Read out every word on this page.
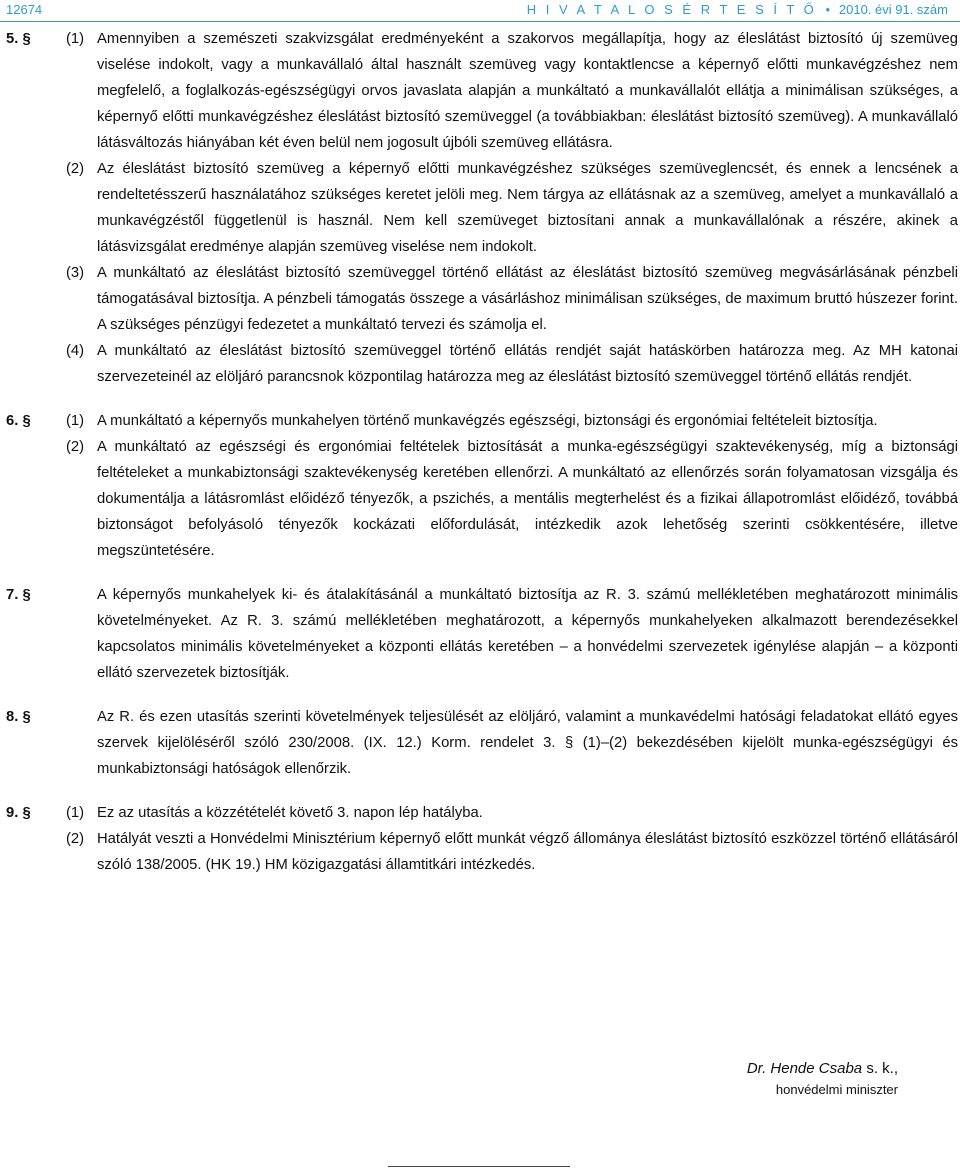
12674	H I V A T A L O S É R T E S Í T Ő ● 2010. évi 91. szám
5. §	(1) Amennyiben a szemészeti szakvizsgálat eredményeként a szakorvos megállapítja, hogy az éleslátást biztosító új szemüveg viselése indokolt, vagy a munkavállaló által használt szemüveg vagy kontaktlencse a képernyő előtti munkavégzéshez nem megfelelő, a foglalkozás-egészségügyi orvos javaslata alapján a munkáltató a munkavállalót ellátja a minimálisan szükséges, a képernyő előtti munkavégzéshez éleslátást biztosító szemüveggel (a továbbiakban: éleslátást biztosító szemüveg). A munkavállaló látásváltozás hiányában két éven belül nem jogosult újbóli szemüveg ellátásra.
(2) Az éleslátást biztosító szemüveg a képernyő előtti munkavégzéshez szükséges szemüveglencsét, és ennek a lencsének a rendeltetésszerű használatához szükséges keretet jelöli meg. Nem tárgya az ellátásnak az a szemüveg, amelyet a munkavállaló a munkavégzéstől függetlenül is használ. Nem kell szemüveget biztosítani annak a munkavállalónak a részére, akinek a látásvizsgálat eredménye alapján szemüveg viselése nem indokolt.
(3) A munkáltató az éleslátást biztosító szemüveggel történő ellátást az éleslátást biztosító szemüveg megvásárlásának pénzbeli támogatásával biztosítja. A pénzbeli támogatás összege a vásárláshoz minimálisan szükséges, de maximum bruttó húszezer forint. A szükséges pénzügyi fedezetet a munkáltató tervezi és számolja el.
(4) A munkáltató az éleslátást biztosító szemüveggel történő ellátás rendjét saját hatáskörben határozza meg. Az MH katonai szervezeteinél az elöljáró parancsnok központilag határozza meg az éleslátást biztosító szemüveggel történő ellátás rendjét.
6. §	(1) A munkáltató a képernyős munkahelyen történő munkavégzés egészségi, biztonsági és ergonómiai feltételeit biztosítja.
(2) A munkáltató az egészségi és ergonómiai feltételek biztosítását a munka-egészségügyi szaktevékenység, míg a biztonsági feltételeket a munkabiztonsági szaktevékenység keretében ellenőrzi. A munkáltató az ellenőrzés során folyamatosan vizsgálja és dokumentálja a látásromlást előidéző tényezők, a pszichés, a mentális megterhelést és a fizikai állapotromlást előidéző, továbbá biztonságot befolyásoló tényezők kockázati előfordulását, intézkedik azok lehetőség szerinti csökkentésére, illetve megszüntetésére.
7. §	A képernyős munkahelyek ki- és átalakításánál a munkáltató biztosítja az R. 3. számú mellékletében meghatározott minimális követelményeket. Az R. 3. számú mellékletében meghatározott, a képernyős munkahelyeken alkalmazott berendezésekkel kapcsolatos minimális követelményeket a központi ellátás keretében – a honvédelmi szervezetek igénylése alapján – a központi ellátó szervezetek biztosítják.
8. §	Az R. és ezen utasítás szerinti követelmények teljesülését az elöljáró, valamint a munkavédelmi hatósági feladatokat ellátó egyes szervek kijelöléséről szóló 230/2008. (IX. 12.) Korm. rendelet 3. § (1)–(2) bekezdésében kijelölt munka-egészségügyi és munkabiztonsági hatóságok ellenőrzik.
9. §	(1) Ez az utasítás a közzétételét követő 3. napon lép hatályba.
(2) Hatályát veszti a Honvédelmi Minisztérium képernyő előtt munkát végző állománya éleslátást biztosító eszközzel történő ellátásáról szóló 138/2005. (HK 19.) HM közigazgatási államtitkári intézkedés.
Dr. Hende Csaba s. k.,
honvédelmi miniszter
